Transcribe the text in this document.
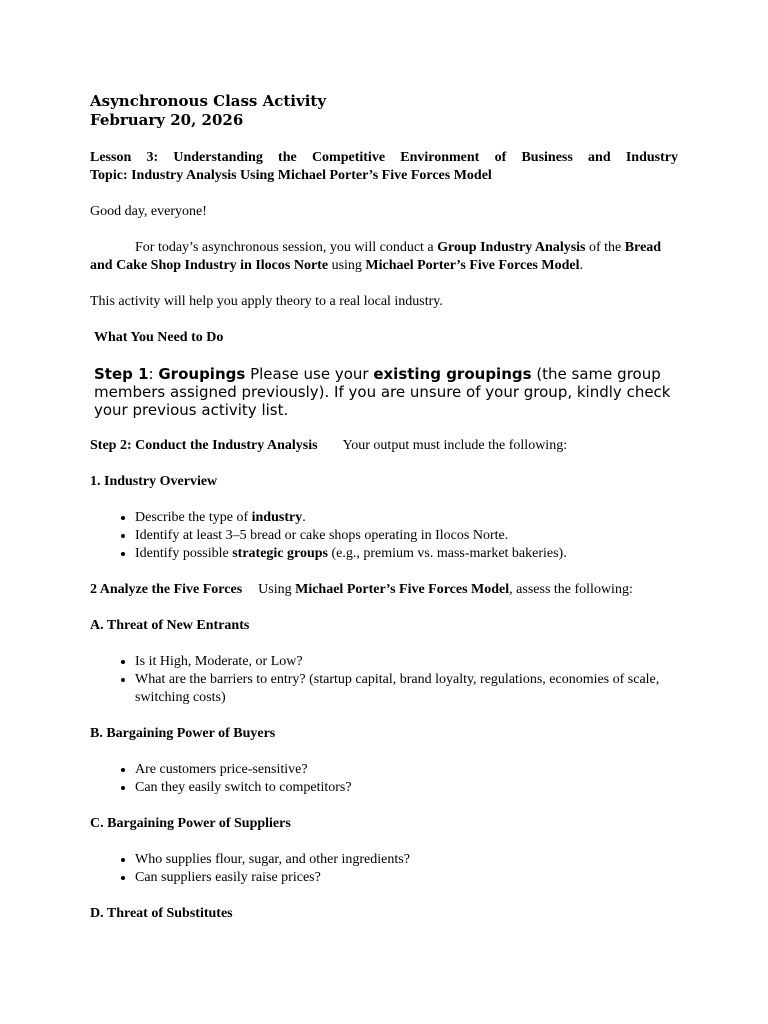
Asynchronous Class Activity

February 20, 2026

Lesson 3: Understanding the Competitive Environment of Business and Industry

Topic: Industry Analysis Using Michael Porter’s Five Forces Model

Good day, everyone!

For today’s asynchronous session, you will conduct a Group Industry Analysis of the Bread and Cake Shop Industry in Ilocos Norte using Michael Porter’s Five Forces Model.

This activity will help you apply theory to a real local industry.

What You Need to Do

Step 1: Groupings Please use your existing groupings (the same group members assigned previously). If you are unsure of your group, kindly check your previous activity list.

Step 2: Conduct the Industry Analysis Your output must include the following:

1. Industry Overview

• Describe the type of industry.
• Identify at least 3–5 bread or cake shops operating in Ilocos Norte.
• Identify possible strategic groups (e.g., premium vs. mass-market bakeries).

2 Analyze the Five Forces Using Michael Porter’s Five Forces Model, assess the following:

A. Threat of New Entrants

• Is it High, Moderate, or Low?
• What are the barriers to entry? (startup capital, brand loyalty, regulations, economies of scale, switching costs)

B. Bargaining Power of Buyers

• Are customers price-sensitive?
• Can they easily switch to competitors?

C. Bargaining Power of Suppliers

• Who supplies flour, sugar, and other ingredients?
• Can suppliers easily raise prices?

D. Threat of Substitutes
